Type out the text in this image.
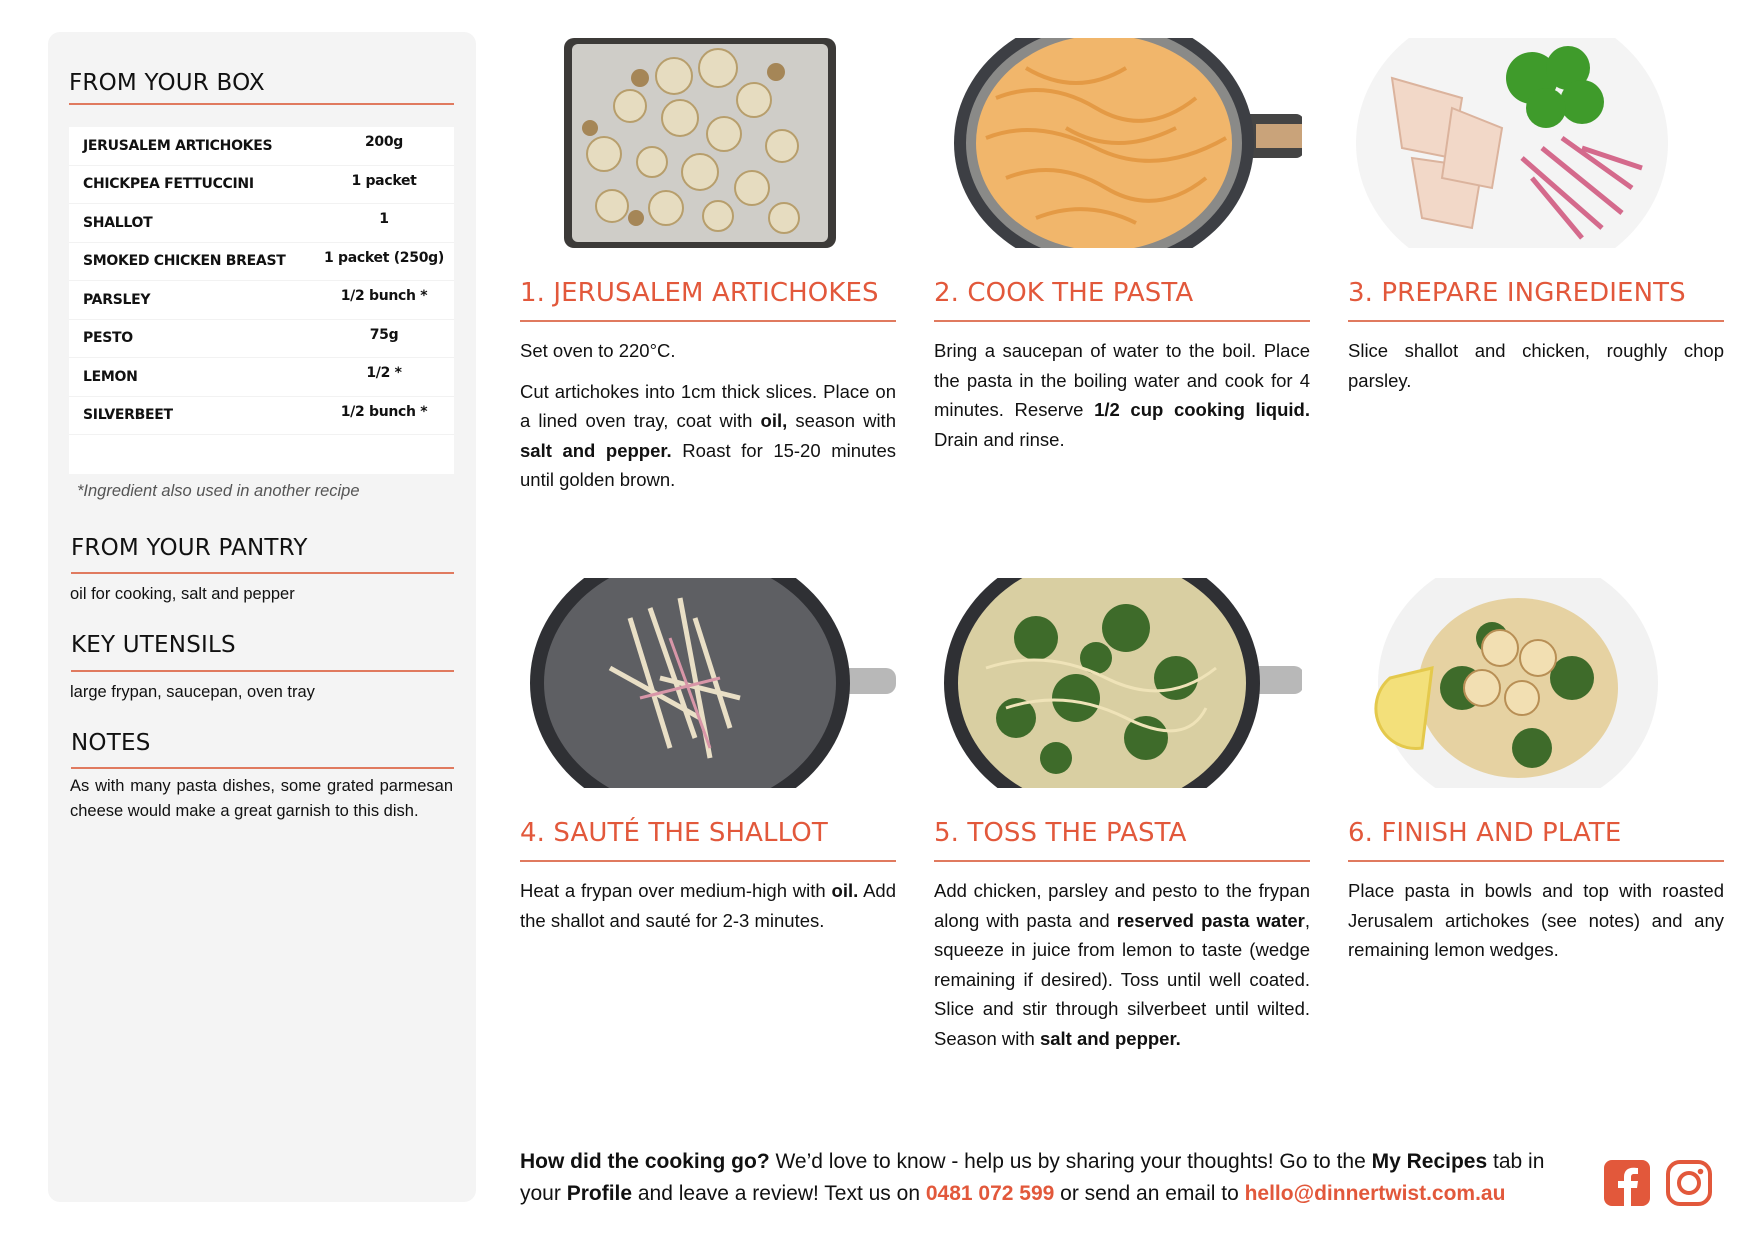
FROM YOUR BOX
JERUSALEM ARTICHOKES	200g
CHICKPEA FETTUCCINI	1 packet
SHALLOT	1
SMOKED CHICKEN BREAST	1 packet (250g)
PARSLEY	1/2 bunch *
PESTO	75g
LEMON	1/2 *
SILVERBEET	1/2 bunch *
*Ingredient also used in another recipe
FROM YOUR PANTRY
oil for cooking, salt and pepper
KEY UTENSILS
large frypan, saucepan, oven tray
NOTES
As with many pasta dishes, some grated parmesan cheese would make a great garnish to this dish.
1. JERUSALEM ARTICHOKES

Set oven to 220°C.

Cut artichokes into 1cm thick slices. Place on a lined oven tray, coat with oil, season with salt and pepper. Roast for 15-20 minutes until golden brown.

2. COOK THE PASTA

Bring a saucepan of water to the boil. Place the pasta in the boiling water and cook for 4 minutes. Reserve 1/2 cup cooking liquid. Drain and rinse.

3. PREPARE INGREDIENTS

Slice shallot and chicken, roughly chop parsley.

4. SAUTÉ THE SHALLOT

Heat a frypan over medium-high with oil. Add the shallot and sauté for 2-3 minutes.

5. TOSS THE PASTA

Add chicken, parsley and pesto to the frypan along with pasta and reserved pasta water, squeeze in juice from lemon to taste (wedge remaining if desired). Toss until well coated. Slice and stir through silverbeet until wilted. Season with salt and pepper.

6. FINISH AND PLATE

Place pasta in bowls and top with roasted Jerusalem artichokes (see notes) and any remaining lemon wedges.

How did the cooking go? We’d love to know - help us by sharing your thoughts! Go to the My Recipes tab in your Profile and leave a review! Text us on 0481 072 599 or send an email to hello@dinnertwist.com.au
